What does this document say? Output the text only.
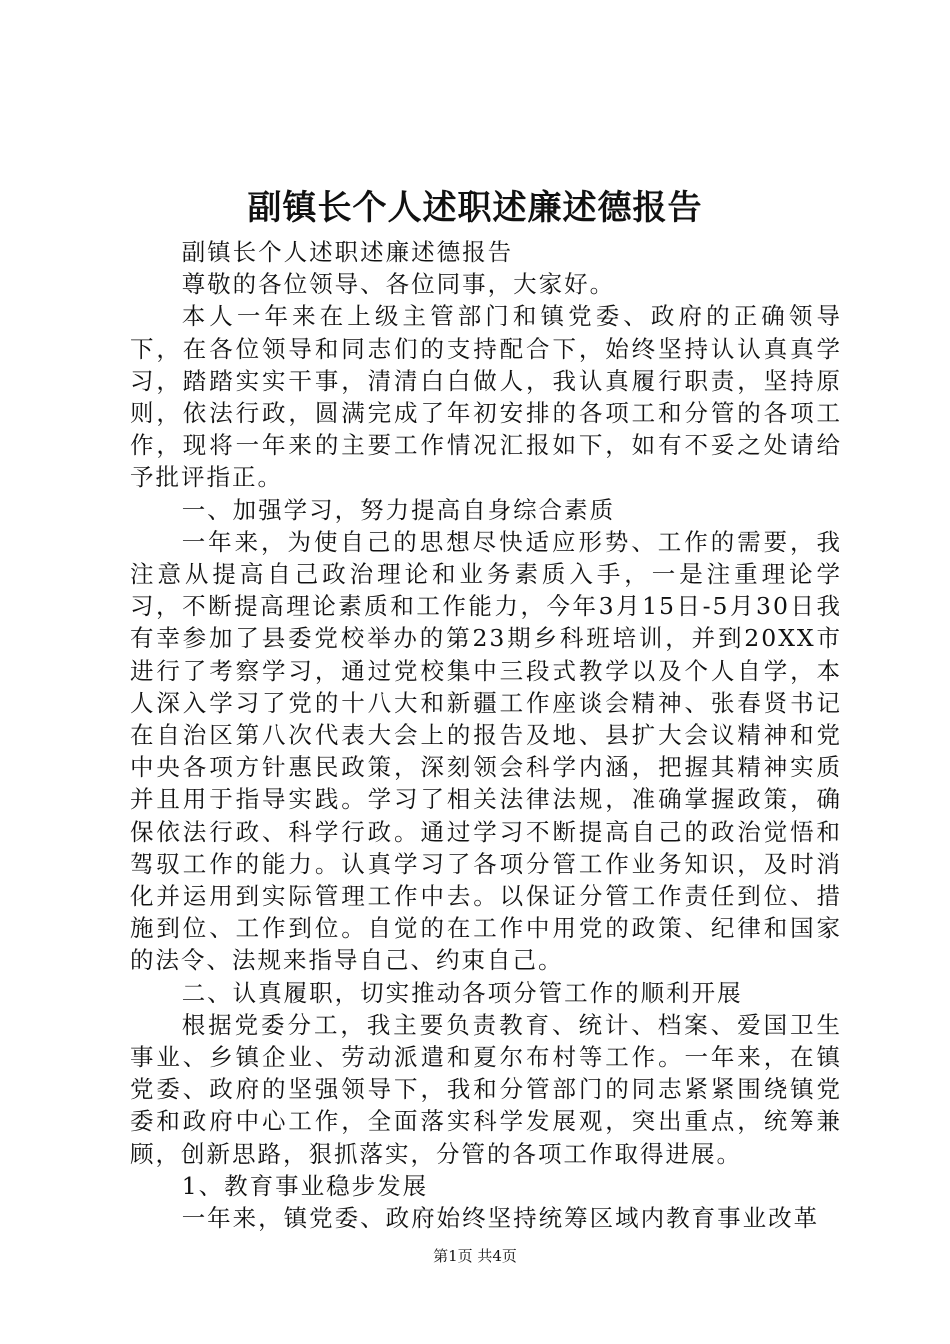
副镇长个人述职述廉述德报告

副镇长个人述职述廉述德报告

尊敬的各位领导、各位同事，大家好。

本人一年来在上级主管部门和镇党委、政府的正确领导下，在各位领导和同志们的支持配合下，始终坚持认认真真学习，踏踏实实干事，清清白白做人，我认真履行职责，坚持原则，依法行政，圆满完成了年初安排的各项工和分管的各项工作，现将一年来的主要工作情况汇报如下，如有不妥之处请给予批评指正。

一、加强学习，努力提高自身综合素质

一年来，为使自己的思想尽快适应形势、工作的需要，我注意从提高自己政治理论和业务素质入手，一是注重理论学习，不断提高理论素质和工作能力，今年3月15日-5月30日我有幸参加了县委党校举办的第23期乡科班培训，并到20XX市进行了考察学习，通过党校集中三段式教学以及个人自学，本人深入学习了党的十八大和新疆工作座谈会精神、张春贤书记在自治区第八次代表大会上的报告及地、县扩大会议精神和党中央各项方针惠民政策，深刻领会科学内涵，把握其精神实质并且用于指导实践。学习了相关法律法规，准确掌握政策，确保依法行政、科学行政。通过学习不断提高自己的政治觉悟和驾驭工作的能力。认真学习了各项分管工作业务知识，及时消化并运用到实际管理工作中去。以保证分管工作责任到位、措施到位、工作到位。自觉的在工作中用党的政策、纪律和国家的法令、法规来指导自己、约束自己。

二、认真履职，切实推动各项分管工作的顺利开展

根据党委分工，我主要负责教育、统计、档案、爱国卫生事业、乡镇企业、劳动派遣和夏尔布村等工作。一年来，在镇党委、政府的坚强领导下，我和分管部门的同志紧紧围绕镇党委和政府中心工作，全面落实科学发展观，突出重点，统筹兼顾，创新思路，狠抓落实，分管的各项工作取得进展。

1、教育事业稳步发展

一年来，镇党委、政府始终坚持统筹区域内教育事业改革

第1页 共4页
